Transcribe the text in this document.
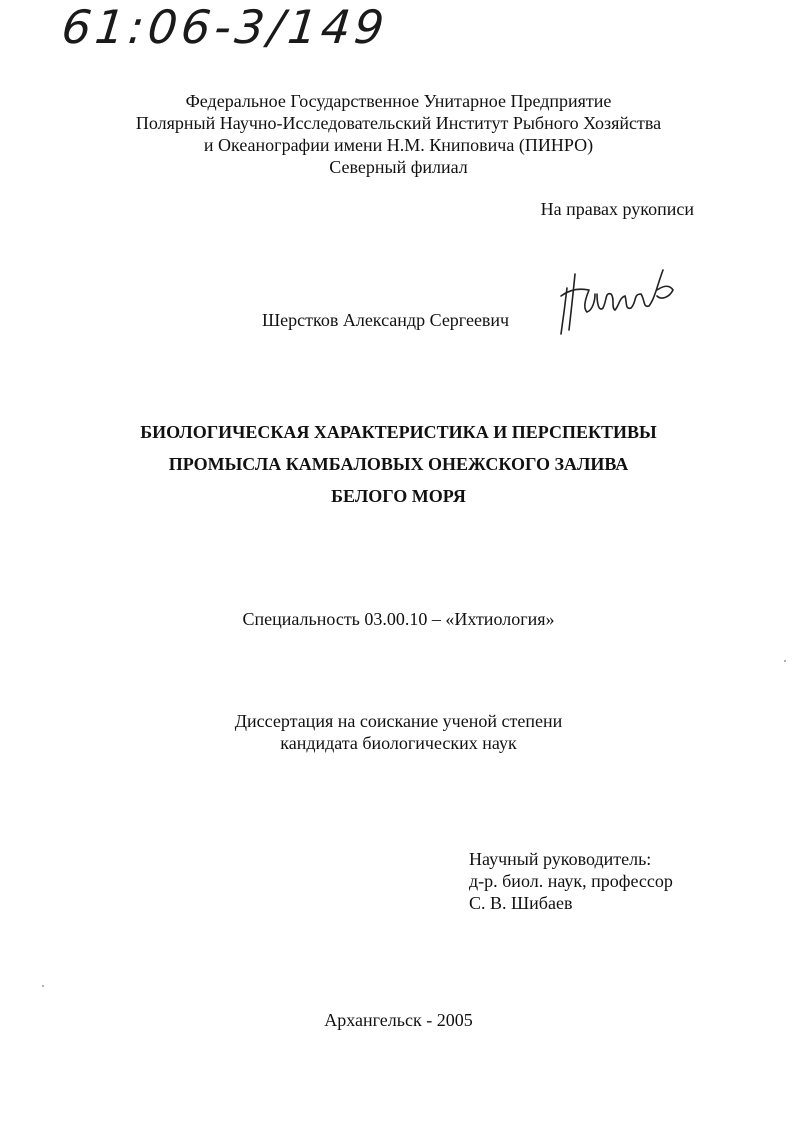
61:06-3/149
Федеральное Государственное Унитарное Предприятие
Полярный Научно-Исследовательский Институт Рыбного Хозяйства
и Океанографии имени Н.М. Книповича (ПИНРО)
Северный филиал
На правах рукописи
Шерстков Александр Сергеевич
БИОЛОГИЧЕСКАЯ ХАРАКТЕРИСТИКА И ПЕРСПЕКТИВЫ
ПРОМЫСЛА КАМБАЛОВЫХ ОНЕЖСКОГО ЗАЛИВА
БЕЛОГО МОРЯ
Специальность 03.00.10 – «Ихтиология»
Диссертация на соискание ученой степени
кандидата биологических наук
Научный руководитель:
д-р. биол. наук, профессор
С. В. Шибаев
Архангельск - 2005
